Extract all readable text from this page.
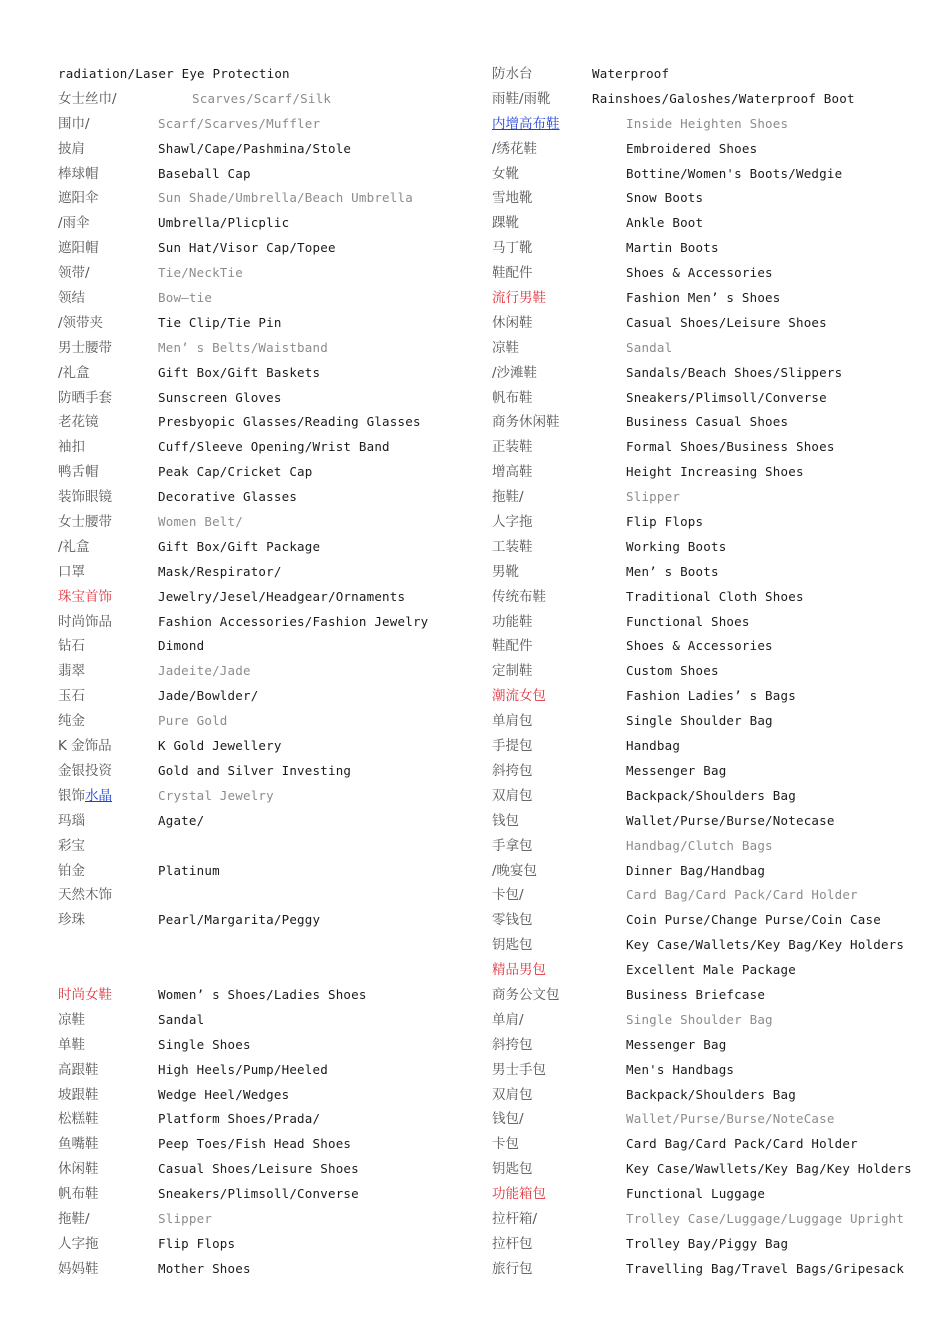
radiation/Laser Eye Protection
女士丝巾/	Scarves/Scarf/Silk
围巾/	Scarf/Scarves/Muffler
披肩	Shawl/Cape/Pashmina/Stole
棒球帽	Baseball Cap
遮阳伞	Sun Shade/Umbrella/Beach Umbrella
/雨伞	Umbrella/Plicplic
遮阳帽	Sun Hat/Visor Cap/Topee
领带/	Tie/NeckTie
领结	Bow—tie
/领带夹	Tie Clip/Tie Pin
男士腰带	Men’ s Belts/Waistband
/礼盒	Gift Box/Gift Baskets
防晒手套	Sunscreen Gloves
老花镜	Presbyopic Glasses/Reading Glasses
袖扣	Cuff/Sleeve Opening/Wrist Band
鸭舌帽	Peak Cap/Cricket Cap
装饰眼镜	Decorative Glasses
女士腰带	Women Belt/
/礼盒	Gift Box/Gift Package
口罩	Mask/Respirator/
珠宝首饰	Jewelry/Jesel/Headgear/Ornaments
时尚饰品	Fashion Accessories/Fashion Jewelry
钻石	Dimond
翡翠	Jadeite/Jade
玉石	Jade/Bowlder/
纯金	Pure Gold
K 金饰品	K Gold Jewellery
金银投资	Gold and Silver Investing
银饰水晶	Crystal Jewelry
玛瑙	Agate/
彩宝
铂金	Platinum
天然木饰
珍珠	Pearl/Margarita/Peggy
时尚女鞋	Women’ s Shoes/Ladies Shoes
凉鞋	Sandal
单鞋	Single Shoes
高跟鞋	High Heels/Pump/Heeled
坡跟鞋	Wedge Heel/Wedges
松糕鞋	Platform Shoes/Prada/
鱼嘴鞋	Peep Toes/Fish Head Shoes
休闲鞋	Casual Shoes/Leisure Shoes
帆布鞋	Sneakers/Plimsoll/Converse
拖鞋/	Slipper
人字拖	Flip Flops
妈妈鞋	Mother Shoes
防水台	Waterproof
雨鞋/雨靴	Rainshoes/Galoshes/Waterproof Boot
内增高布鞋	Inside Heighten Shoes
/绣花鞋	Embroidered Shoes
女靴	Bottine/Women's Boots/Wedgie
雪地靴	Snow Boots
踝靴	Ankle Boot
马丁靴	Martin Boots
鞋配件	Shoes & Accessories
流行男鞋	Fashion Men’ s Shoes
休闲鞋	Casual Shoes/Leisure Shoes
凉鞋	Sandal
/沙滩鞋	Sandals/Beach Shoes/Slippers
帆布鞋	Sneakers/Plimsoll/Converse
商务休闲鞋	Business Casual Shoes
正装鞋	Formal Shoes/Business Shoes
增高鞋	Height Increasing Shoes
拖鞋/	Slipper
人字拖	Flip Flops
工装鞋	Working Boots
男靴	Men’ s Boots
传统布鞋	Traditional Cloth Shoes
功能鞋	Functional Shoes
鞋配件	Shoes & Accessories
定制鞋	Custom Shoes
潮流女包	Fashion Ladies’ s Bags
单肩包	Single Shoulder Bag
手提包	Handbag
斜挎包	Messenger Bag
双肩包	Backpack/Shoulders Bag
钱包	Wallet/Purse/Burse/Notecase
手拿包	Handbag/Clutch Bags
/晚宴包	Dinner Bag/Handbag
卡包/	Card Bag/Card Pack/Card Holder
零钱包	Coin Purse/Change Purse/Coin Case
钥匙包	Key Case/Wallets/Key Bag/Key Holders
精品男包	Excellent Male Package
商务公文包	Business Briefcase
单肩/	Single Shoulder Bag
斜挎包	Messenger Bag
男士手包	Men's Handbags
双肩包	Backpack/Shoulders Bag
钱包/	Wallet/Purse/Burse/NoteCase
卡包	Card Bag/Card Pack/Card Holder
钥匙包	Key Case/Wawllets/Key Bag/Key Holders
功能箱包	Functional Luggage
拉杆箱/	Trolley Case/Luggage/Luggage Upright
拉杆包	Trolley Bay/Piggy Bag
旅行包	Travelling Bag/Travel Bags/Gripesack
